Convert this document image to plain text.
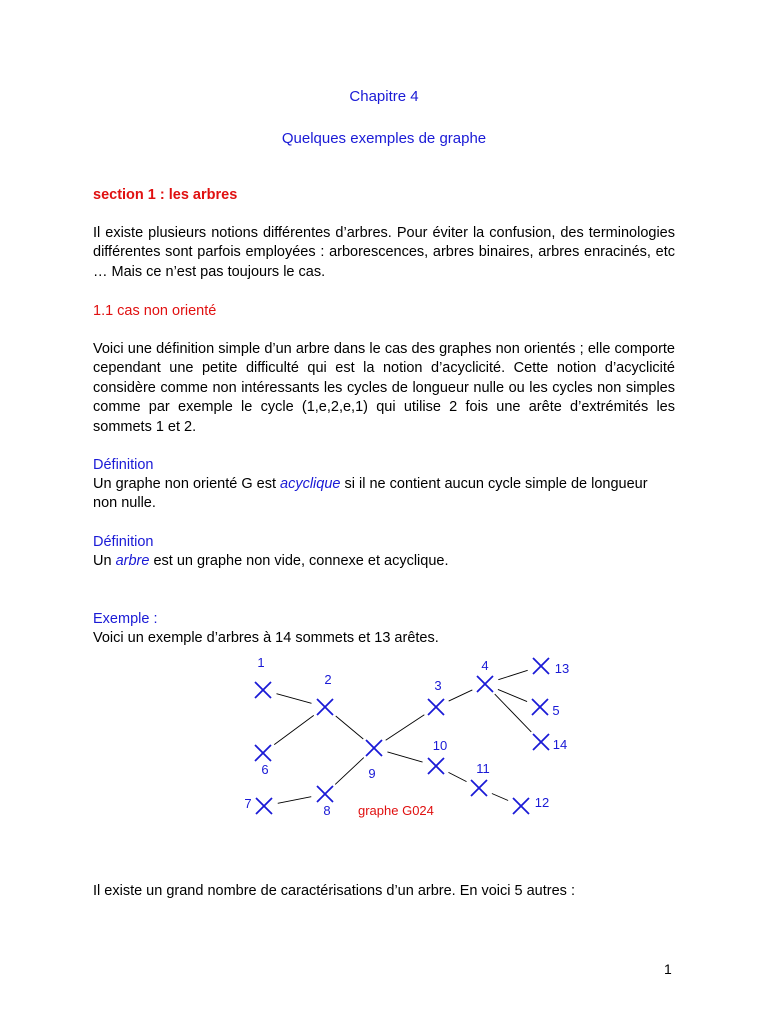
Chapitre 4
Quelques exemples de graphe
section 1 : les arbres
Il existe plusieurs notions différentes d’arbres. Pour éviter la confusion, des terminologies différentes sont parfois employées : arborescences, arbres binaires, arbres enracinés, etc … Mais ce n’est pas toujours le cas.
1.1 cas non orienté
Voici une définition simple d’un arbre dans le cas des graphes non orientés ; elle comporte cependant une petite difficulté qui est la notion d’acyclicité. Cette notion d’acyclicité considère comme non intéressants les cycles de longueur nulle ou les cycles non simples comme par exemple le cycle (1,e,2,e,1) qui utilise 2 fois une arête d’extrémités les sommets 1 et 2.
Définition
Un graphe non orienté G est acyclique si il ne contient aucun cycle simple de longueur non nulle.
Définition
Un arbre est un graphe non vide, connexe et acyclique.
Exemple :
Voici un exemple d’arbres à 14 sommets et 13 arêtes.
1
2	3
4
5
6
7	8
9
10
11
12
13
14
graphe G024
Il existe un grand nombre de caractérisations d’un arbre. En voici 5 autres :
1
